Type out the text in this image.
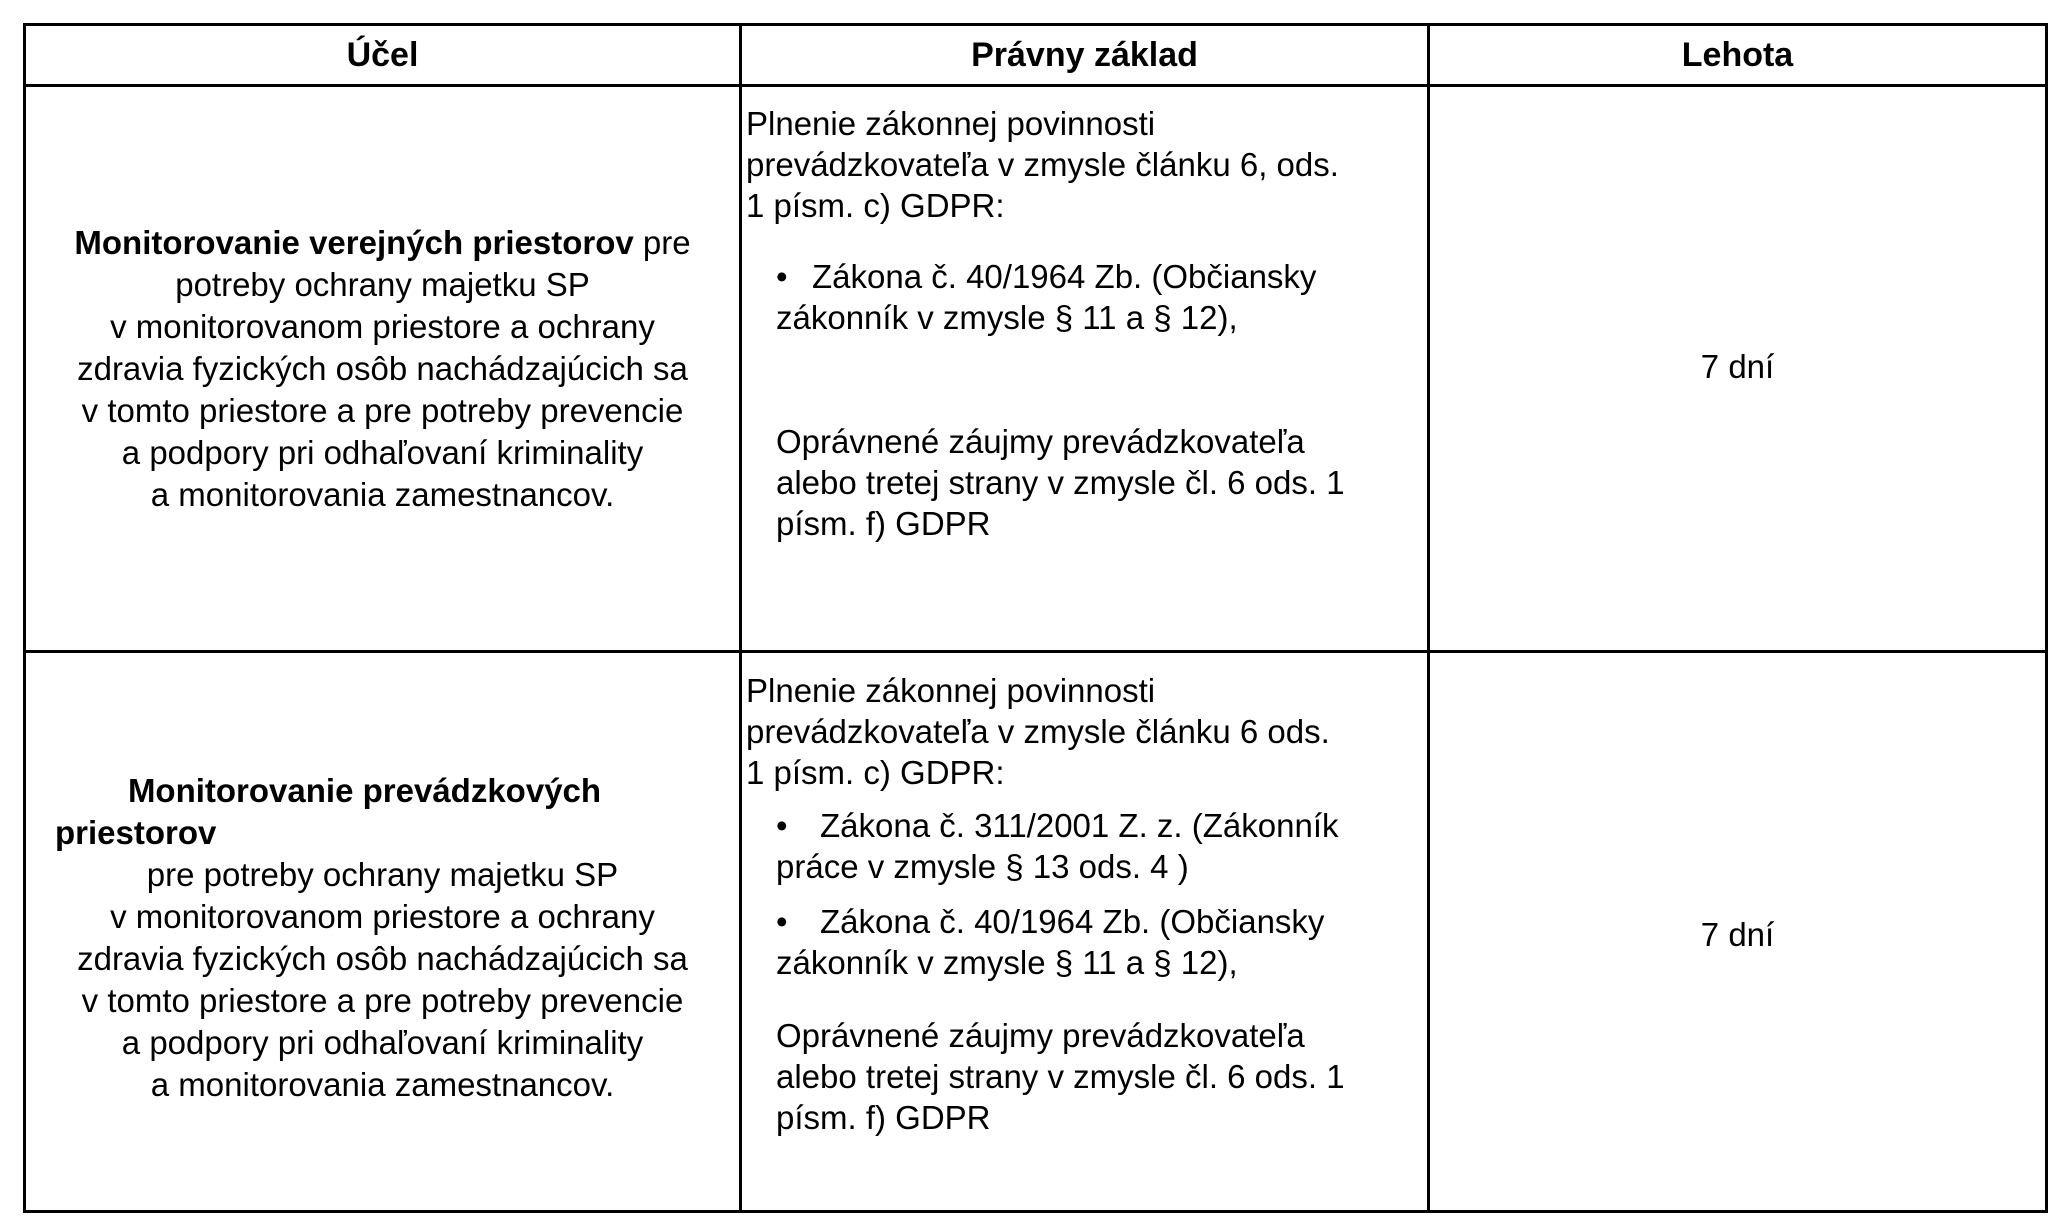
Účel	Právny základ	Lehota
Monitorovanie verejných priestorov pre
potreby ochrany majetku SP
v monitorovanom priestore a ochrany
zdravia fyzických osôb nachádzajúcich sa
v tomto priestore a pre potreby prevencie
a podpory pri odhaľovaní kriminality
a monitorovania zamestnancov.

Plnenie zákonnej povinnosti

prevádzkovateľa v zmysle článku 6, ods.

1 písm. c) GDPR:

• Zákona č. 40/1964 Zb. (Občiansky

zákonník v zmysle § 11 a § 12),

Oprávnené záujmy prevádzkovateľa

alebo tretej strany v zmysle čl. 6 ods. 1

písm. f) GDPR

7 dní
Monitorovanie prevádzkových
priestorov
pre potreby ochrany majetku SP
v monitorovanom priestore a ochrany
zdravia fyzických osôb nachádzajúcich sa
v tomto priestore a pre potreby prevencie
a podpory pri odhaľovaní kriminality
a monitorovania zamestnancov.

Plnenie zákonnej povinnosti

prevádzkovateľa v zmysle článku 6 ods.

1 písm. c) GDPR:

• Zákona č. 311/2001 Z. z. (Zákonník

práce v zmysle § 13 ods. 4 )

• Zákona č. 40/1964 Zb. (Občiansky

zákonník v zmysle § 11 a § 12),

Oprávnené záujmy prevádzkovateľa

alebo tretej strany v zmysle čl. 6 ods. 1

písm. f) GDPR

7 dní
